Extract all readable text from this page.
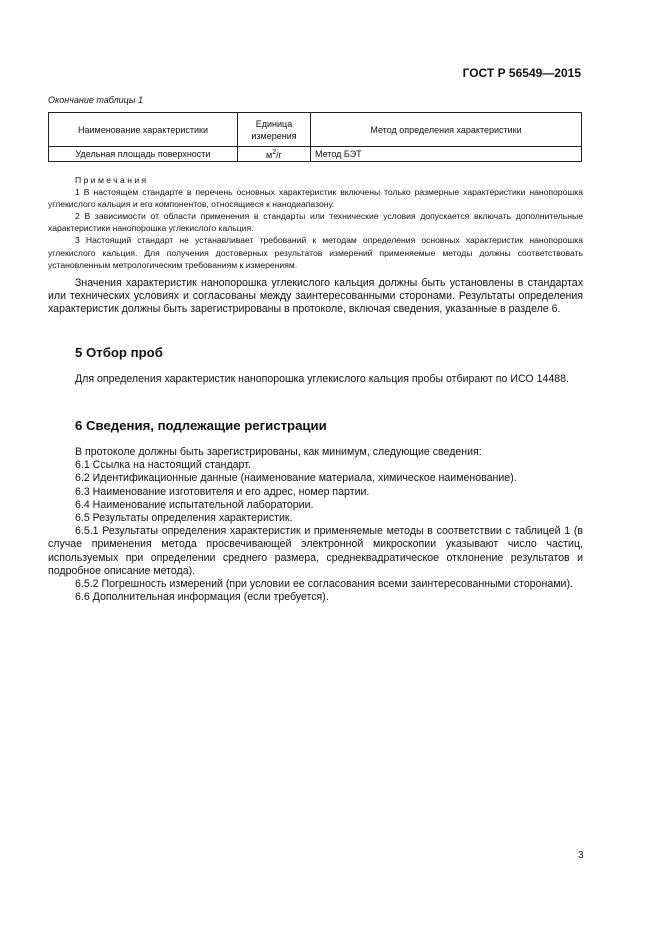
ГОСТ Р 56549—2015
Окончание таблицы 1
Наименование характеристики	Единица измерения	Метод определения характеристики
Удельная площадь поверхности	$м^2/г$	Метод БЭТ
Примечания

1 В настоящем стандарте в перечень основных характеристик включены только размерные характеристики нанопорошка углекислого кальция и его компонентов, относящиеся к нанодиапазону.

2 В зависимости от области применения в стандарты или технические условия допускается включать дополнительные характеристики нанопорошка углекислого кальция.

3 Настоящий стандарт не устанавливает требований к методам определения основных характеристик нанопорошка углекислого кальция. Для получения достоверных результатов измерений применяемые методы должны соответствовать установленным метрологическим требованиям к измерениям.

Значения характеристик нанопорошка углекислого кальция должны быть установлены в стандартах или технических условиях и согласованы между заинтересованными сторонами. Результаты определения характеристик должны быть зарегистрированы в протоколе, включая сведения, указанные в разделе 6.

5 Отбор проб

Для определения характеристик нанопорошка углекислого кальция пробы отбирают по ИСО 14488.

6 Сведения, подлежащие регистрации

В протоколе должны быть зарегистрированы, как минимум, следующие сведения:

6.1 Ссылка на настоящий стандарт.

6.2 Идентификационные данные (наименование материала, химическое наименование).

6.3 Наименование изготовителя и его адрес, номер партии.

6.4 Наименование испытательной лаборатории.

6.5 Результаты определения характеристик.

6.5.1 Результаты определения характеристик и применяемые методы в соответствии с таблицей 1 (в случае применения метода просвечивающей электронной микроскопии указывают число частиц, используемых при определении среднего размера, среднеквадратическое отклонение результатов и подробное описание метода).

6.5.2 Погрешность измерений (при условии ее согласования всеми заинтересованными сторонами).

6.6 Дополнительная информация (если требуется).

3
